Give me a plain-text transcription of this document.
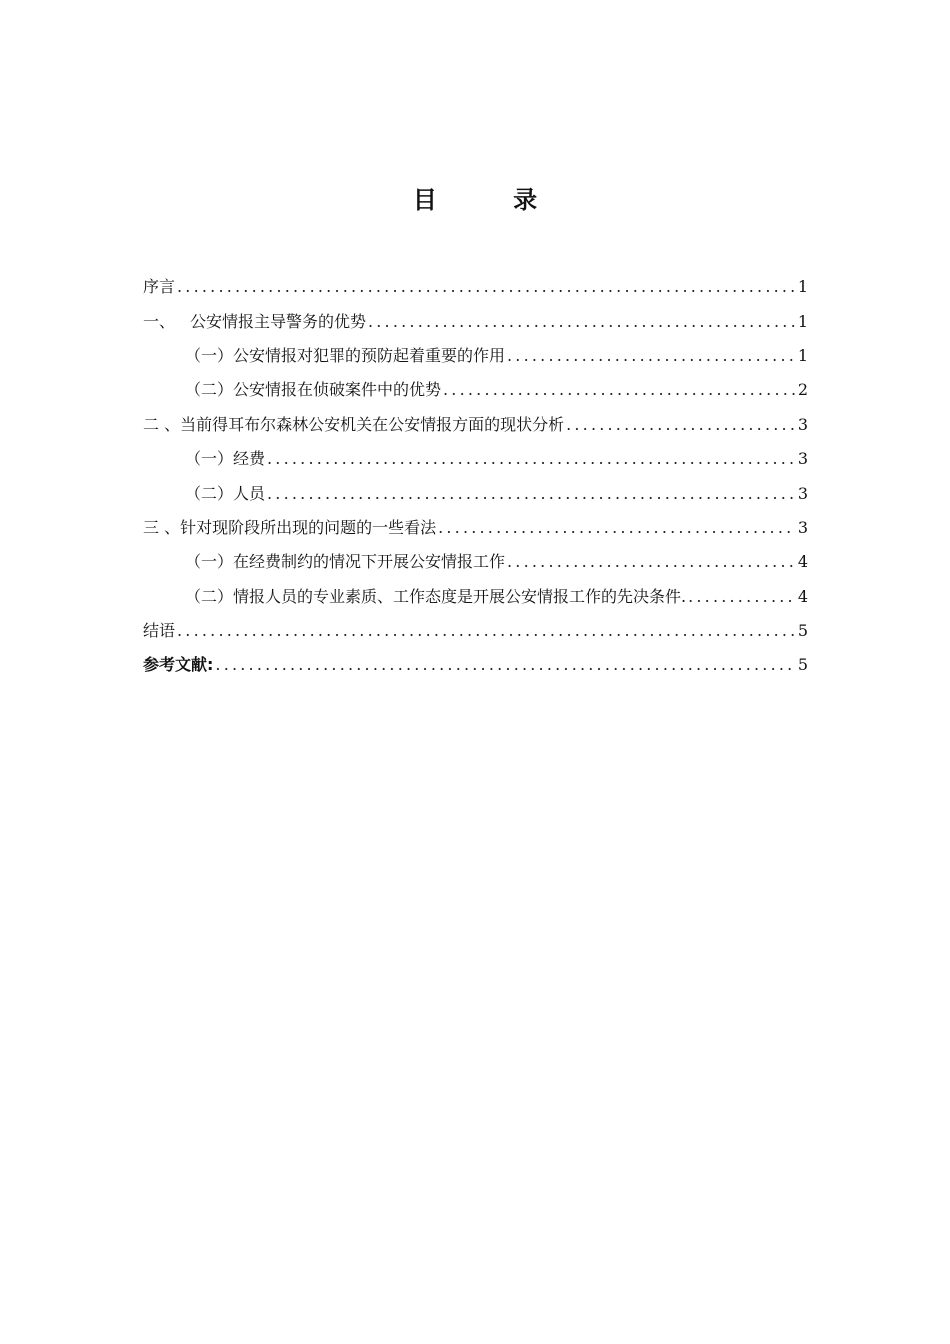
目 录
序言 .....	1
一、 公安情报主导警务的优势 .....	1
（一）公安情报对犯罪的预防起着重要的作用 .....	1
（二）公安情报在侦破案件中的优势 .....	2
二 、当前得耳布尔森林公安机关在公安情报方面的现状分析 .....	3
（一）经费 .....	3
（二）人员 .....	3
三 、针对现阶段所出现的问题的一些看法 .....	3
（一）在经费制约的情况下开展公安情报工作 .....	4
（二）情报人员的专业素质、工作态度是开展公安情报工作的先决条件. .....	4
结语 .....	5
参考文献: .....	5
